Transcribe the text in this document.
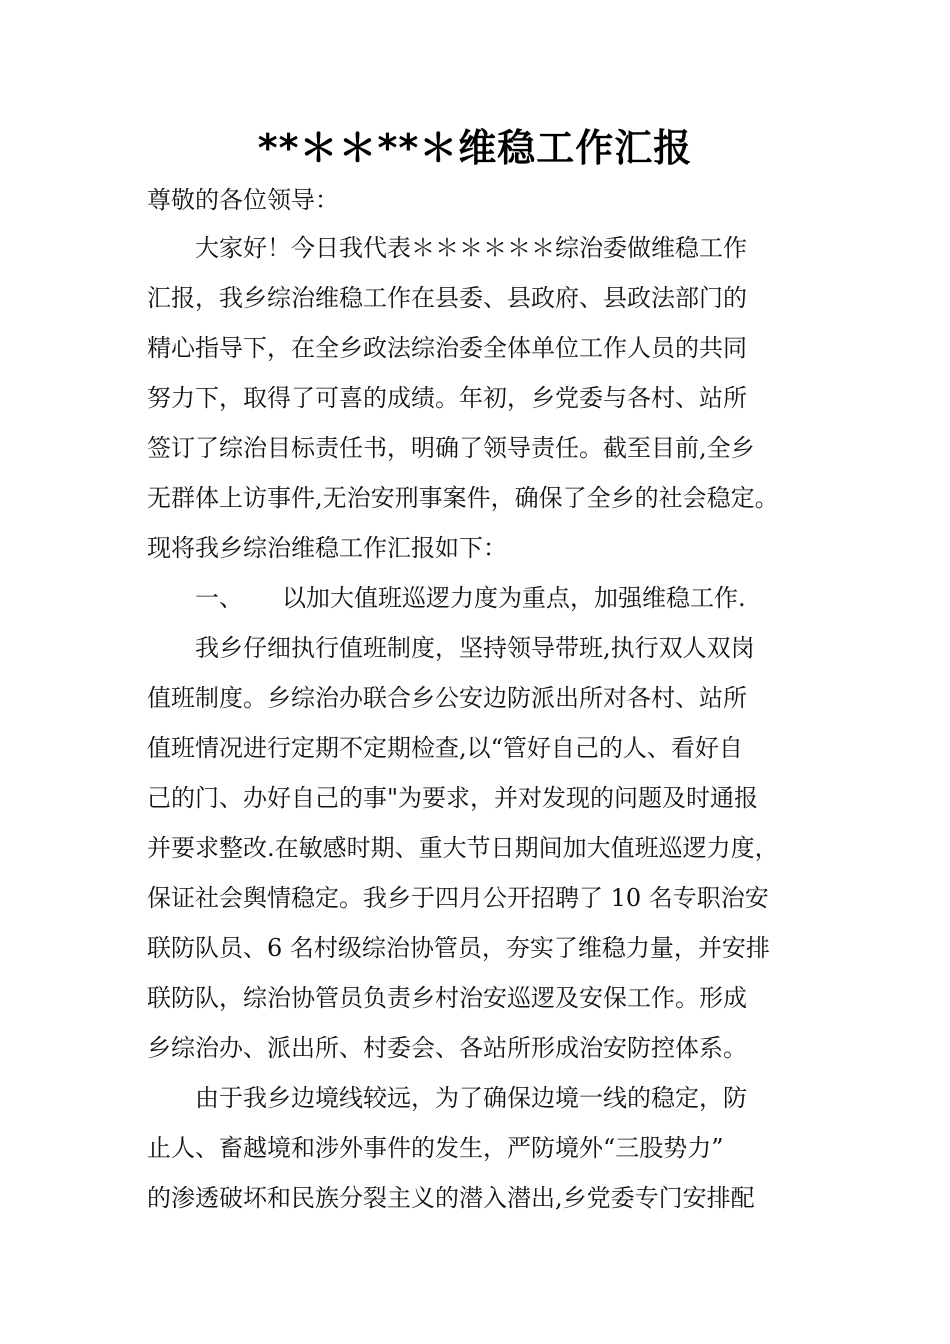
**＊＊**＊维稳工作汇报
尊敬的各位领导：
大家好！今日我代表＊＊＊＊＊＊综治委做维稳工作
汇报，我乡综治维稳工作在县委、县政府、县政法部门的
精心指导下，在全乡政法综治委全体单位工作人员的共同
努力下，取得了可喜的成绩。年初，乡党委与各村、站所
签订了综治目标责任书，明确了领导责任。截至目前,全乡
无群体上访事件,无治安刑事案件，确保了全乡的社会稳定。
现将我乡综治维稳工作汇报如下：
一、 以加大值班巡逻力度为重点，加强维稳工作.
我乡仔细执行值班制度，坚持领导带班,执行双人双岗
值班制度。乡综治办联合乡公安边防派出所对各村、站所
值班情况进行定期不定期检查,以“管好自己的人、看好自
己的门、办好自己的事"为要求，并对发现的问题及时通报
并要求整改.在敏感时期、重大节日期间加大值班巡逻力度，
保证社会舆情稳定。我乡于四月公开招聘了 10 名专职治安
联防队员、6 名村级综治协管员，夯实了维稳力量，并安排
联防队，综治协管员负责乡村治安巡逻及安保工作。形成
乡综治办、派出所、村委会、各站所形成治安防控体系。
由于我乡边境线较远，为了确保边境一线的稳定，防
止人、畜越境和涉外事件的发生，严防境外“三股势力”
的渗透破坏和民族分裂主义的潜入潜出,乡党委专门安排配
